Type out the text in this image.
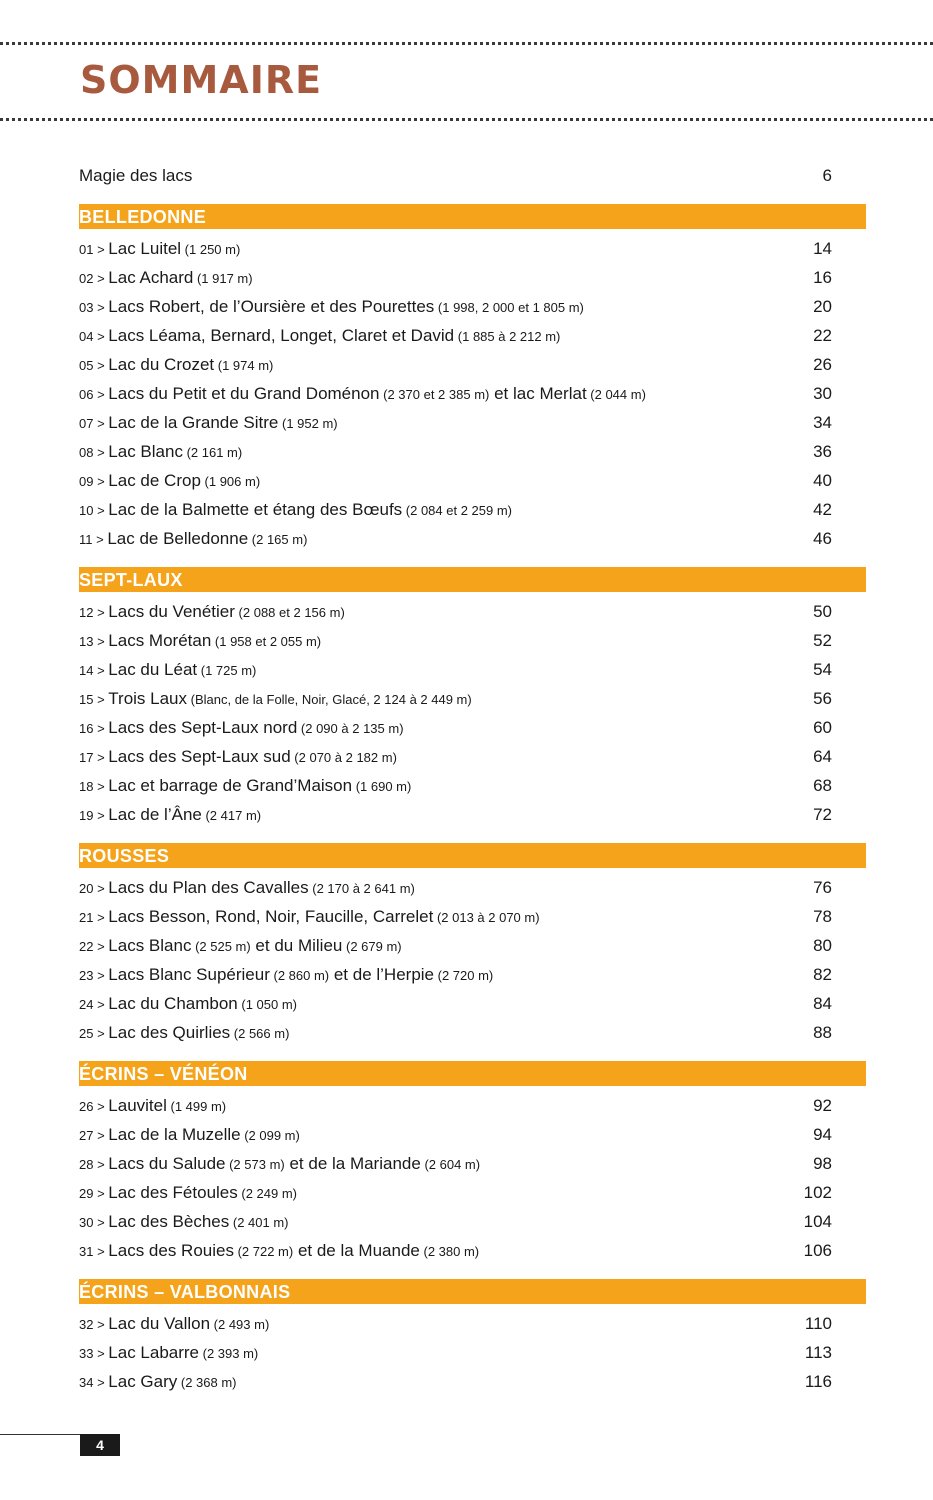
SOMMAIRE
Magie des lacs	6
BELLEDONNE
01 > Lac Luitel (1 250 m)	14
02 > Lac Achard (1 917 m)	16
03 > Lacs Robert, de l’Oursière et des Pourettes (1 998, 2 000 et 1 805 m)	20
04 > Lacs Léama, Bernard, Longet, Claret et David (1 885 à 2 212 m)	22
05 > Lac du Crozet (1 974 m)	26
06 > Lacs du Petit et du Grand Doménon (2 370 et 2 385 m) et lac Merlat (2 044 m)	30
07 > Lac de la Grande Sitre (1 952 m)	34
08 > Lac Blanc (2 161 m)	36
09 > Lac de Crop (1 906 m)	40
10 > Lac de la Balmette et étang des Bœufs (2 084 et 2 259 m)	42
11 > Lac de Belledonne (2 165 m)	46
SEPT-LAUX
12 > Lacs du Venétier (2 088 et 2 156 m)	50
13 > Lacs Morétan (1 958 et 2 055 m)	52
14 > Lac du Léat (1 725 m)	54
15 > Trois Laux (Blanc, de la Folle, Noir, Glacé, 2 124 à 2 449 m)	56
16 > Lacs des Sept-Laux nord (2 090 à 2 135 m)	60
17 > Lacs des Sept-Laux sud (2 070 à 2 182 m)	64
18 > Lac et barrage de Grand’Maison (1 690 m)	68
19 > Lac de l’Âne (2 417 m)	72
ROUSSES
20 > Lacs du Plan des Cavalles (2 170 à 2 641 m)	76
21 > Lacs Besson, Rond, Noir, Faucille, Carrelet (2 013 à 2 070 m)	78
22 > Lacs Blanc (2 525 m) et du Milieu (2 679 m)	80
23 > Lacs Blanc Supérieur (2 860 m) et de l’Herpie (2 720 m)	82
24 > Lac du Chambon (1 050 m)	84
25 > Lac des Quirlies (2 566 m)	88
ÉCRINS – VÉNÉON
26 > Lauvitel (1 499 m)	92
27 > Lac de la Muzelle (2 099 m)	94
28 > Lacs du Salude (2 573 m) et de la Mariande (2 604 m)	98
29 > Lac des Fétoules (2 249 m)	102
30 > Lac des Bèches (2 401 m)	104
31 > Lacs des Rouies (2 722 m) et de la Muande (2 380 m)	106
ÉCRINS – VALBONNAIS
32 > Lac du Vallon (2 493 m)	110
33 > Lac Labarre (2 393 m)	113
34 > Lac Gary (2 368 m)	116
4
